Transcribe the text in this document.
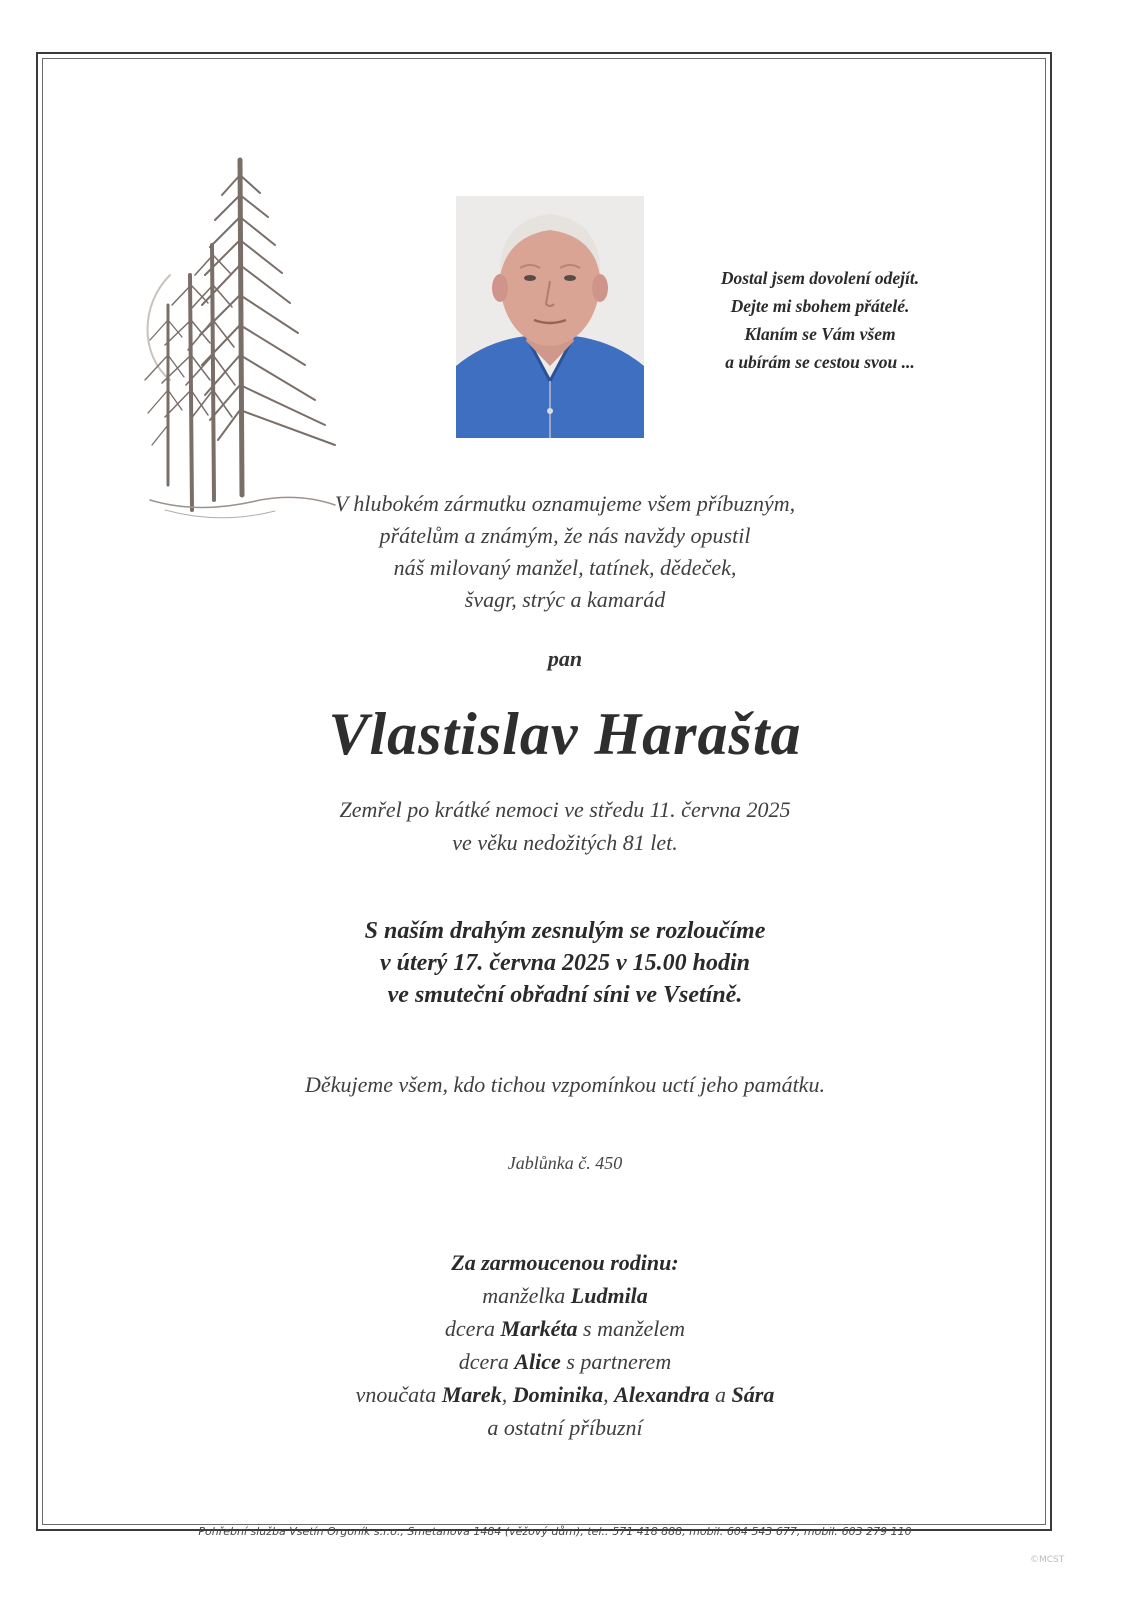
Dostal jsem dovolení odejít.
Dejte mi sbohem přátelé.
Klaním se Vám všem
a ubírám se cestou svou ...
V hlubokém zármutku oznamujeme všem příbuzným,
přátelům a známým, že nás navždy opustil
náš milovaný manžel, tatínek, dědeček,
švagr, strýc a kamarád
pan
Vlastislav Harašta
Zemřel po krátké nemoci ve středu 11. června 2025
ve věku nedožitých 81 let.
S naším drahým zesnulým se rozloučíme
v úterý 17. června 2025 v 15.00 hodin
ve smuteční obřadní síni ve Vsetíně.
Děkujeme všem, kdo tichou vzpomínkou uctí jeho památku.
Jablůnka č. 450
Za zarmoucenou rodinu:
manželka Ludmila
dcera Markéta s manželem
dcera Alice s partnerem
vnoučata Marek, Dominika, Alexandra a Sára
a ostatní příbuzní
Pohřební služba Vsetín Orgoník s.r.o., Smetanova 1484 (věžový dům), tel.: 571 418 888, mobil: 604 543 677, mobil: 603 279 110
©MCST
